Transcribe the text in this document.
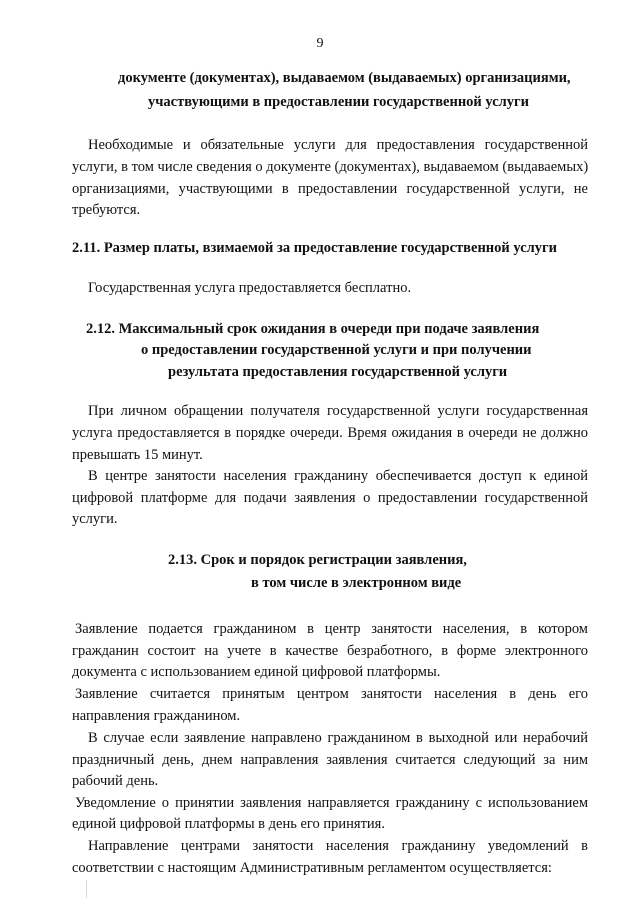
9
документе (документах), выдаваемом (выдаваемых) организациями,
участвующими в предоставлении государственной услуги
Необходимые и обязательные услуги для предоставления государственной
услуги, в том числе сведения о документе (документах), выдаваемом (выдаваемых)
организациями, участвующими в предоставлении государственной услуги, не
требуются.
2.11. Размер платы, взимаемой за предоставление государственной услуги
Государственная услуга предоставляется бесплатно.
2.12. Максимальный срок ожидания в очереди при подаче заявления
о предоставлении государственной услуги и при получении
результата предоставления государственной услуги
При личном обращении получателя государственной услуги государственная
услуга предоставляется в порядке очереди. Время ожидания в очереди не должно
превышать 15 минут.
В центре занятости населения гражданину обеспечивается доступ к единой
цифровой платформе для подачи заявления о предоставлении государственной
услуги.
2.13. Срок и порядок регистрации заявления,
в том числе в электронном виде
Заявление подается гражданином в центр занятости населения, в котором
гражданин состоит на учете в качестве безработного, в форме электронного
документа с использованием единой цифровой платформы.
Заявление считается принятым центром занятости населения в день его
направления гражданином.
В случае если заявление направлено гражданином в выходной или нерабочий
праздничный день, днем направления заявления считается следующий за ним
рабочий день.
Уведомление о принятии заявления направляется гражданину с использованием
единой цифровой платформы в день его принятия.
Направление центрами занятости населения гражданину уведомлений в
соответствии с настоящим Административным регламентом осуществляется:
